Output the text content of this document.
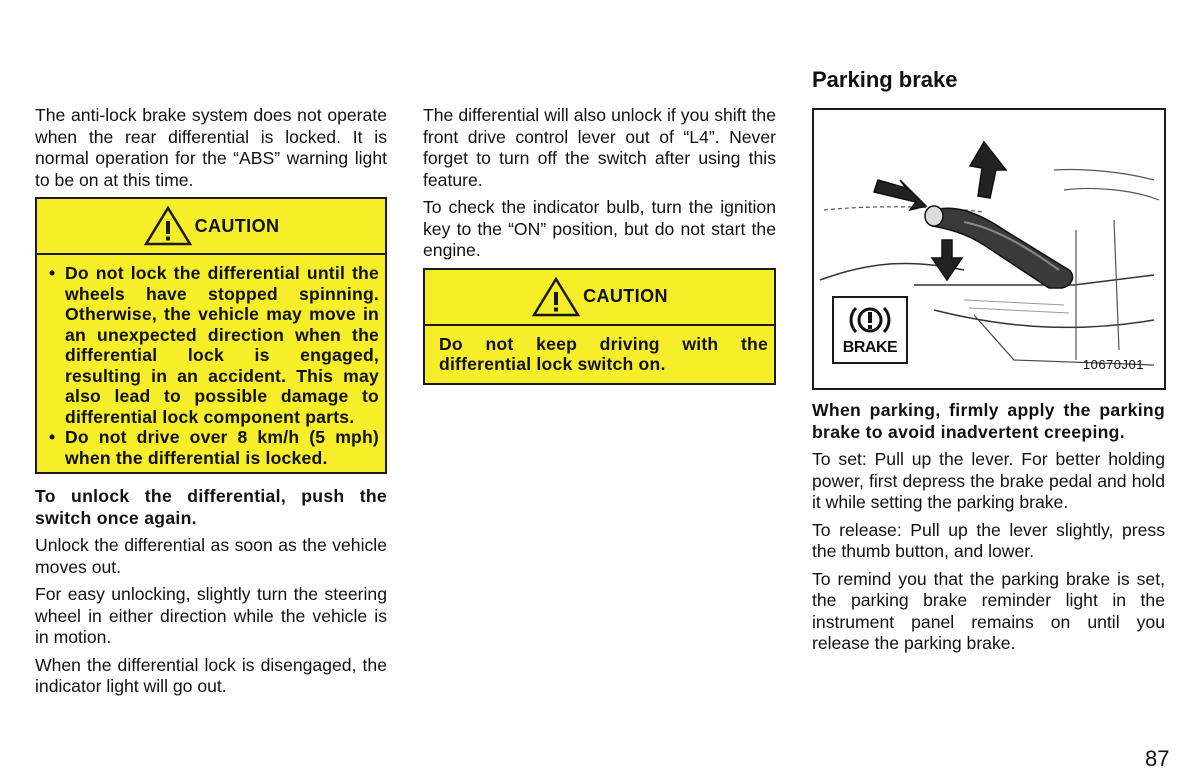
The anti-lock brake system does not operate when the rear differential is locked. It is normal operation for the “ABS” warning light to be on at this time.

CAUTION
• Do not lock the differential until the wheels have stopped spinning. Otherwise, the vehicle may move in an unexpected direction when the differential lock is engaged, resulting in an accident. This may also lead to possible damage to differential lock component parts.
• Do not drive over 8 km/h (5 mph) when the differential is locked.

To unlock the differential, push the switch once again.

Unlock the differential as soon as the vehicle moves out.

For easy unlocking, slightly turn the steering wheel in either direction while the vehicle is in motion.

When the differential lock is disengaged, the indicator light will go out.

The differential will also unlock if you shift the front drive control lever out of “L4”. Never forget to turn off the switch after using this feature.

To check the indicator bulb, turn the ignition key to the “ON” position, but do not start the engine.

CAUTION
Do not keep driving with the differential lock switch on.
Parking brake
BRAKE
10670J01

When parking, firmly apply the parking brake to avoid inadvertent creeping.

To set: Pull up the lever. For better holding power, first depress the brake pedal and hold it while setting the parking brake.

To release: Pull up the lever slightly, press the thumb button, and lower.

To remind you that the parking brake is set, the parking brake reminder light in the instrument panel remains on until you release the parking brake.

87
